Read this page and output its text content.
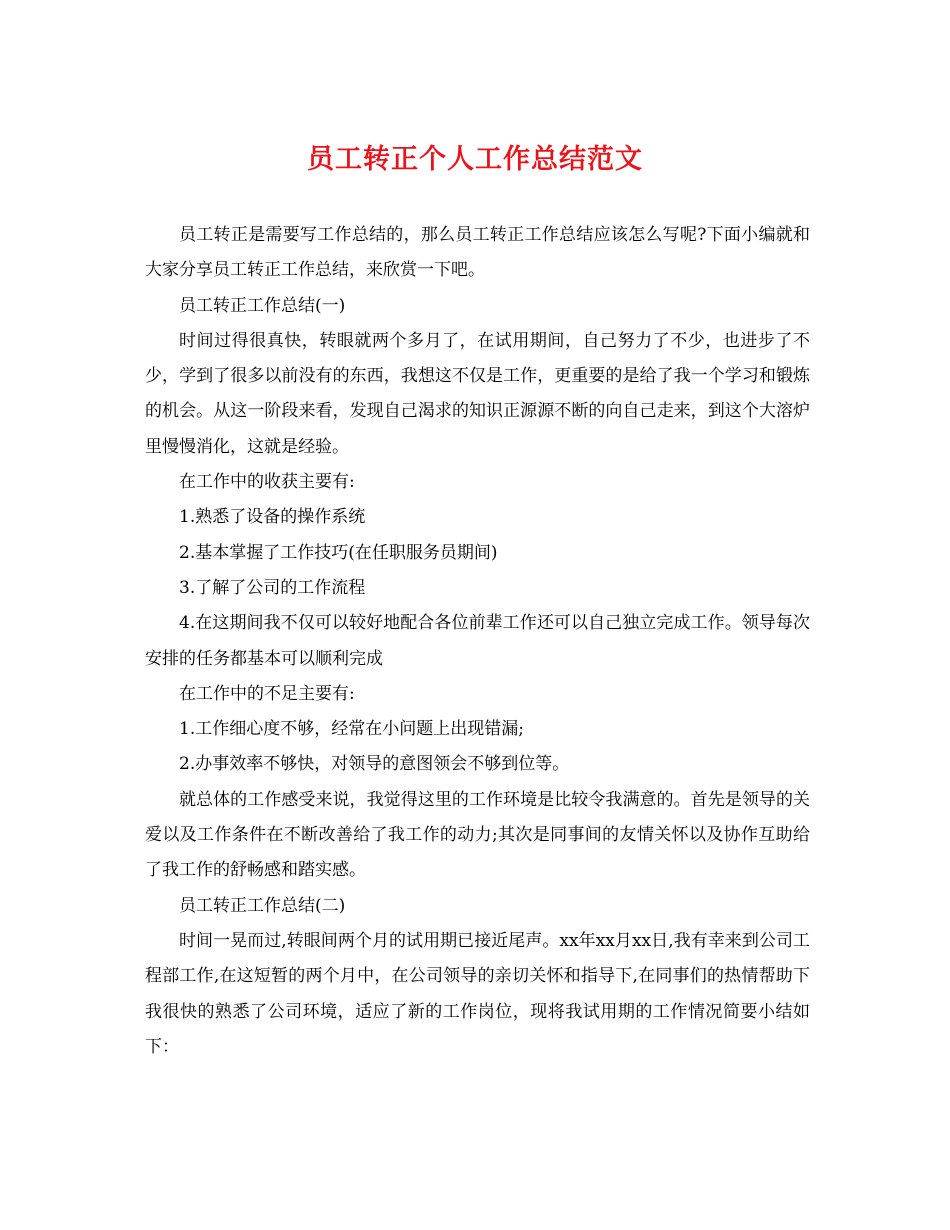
员工转正个人工作总结范文

员工转正是需要写工作总结的，那么员工转正工作总结应该怎么写呢?下面小编就和大家分享员工转正工作总结，来欣赏一下吧。

员工转正工作总结(一)

时间过得很真快，转眼就两个多月了，在试用期间，自己努力了不少，也进步了不少，学到了很多以前没有的东西，我想这不仅是工作，更重要的是给了我一个学习和锻炼的机会。从这一阶段来看，发现自己渴求的知识正源源不断的向自己走来，到这个大溶炉里慢慢消化，这就是经验。

在工作中的收获主要有:

1.熟悉了设备的操作系统

2.基本掌握了工作技巧(在任职服务员期间)

3.了解了公司的工作流程

4.在这期间我不仅可以较好地配合各位前辈工作还可以自己独立完成工作。领导每次安排的任务都基本可以顺利完成

在工作中的不足主要有:

1.工作细心度不够，经常在小问题上出现错漏;

2.办事效率不够快，对领导的意图领会不够到位等。

就总体的工作感受来说，我觉得这里的工作环境是比较令我满意的。首先是领导的关爱以及工作条件在不断改善给了我工作的动力;其次是同事间的友情关怀以及协作互助给了我工作的舒畅感和踏实感。

员工转正工作总结(二)

时间一晃而过,转眼间两个月的试用期已接近尾声。xx年xx月xx日,我有幸来到公司工程部工作,在这短暂的两个月中，在公司领导的亲切关怀和指导下,在同事们的热情帮助下我很快的熟悉了公司环境，适应了新的工作岗位，现将我试用期的工作情况简要小结如下：
